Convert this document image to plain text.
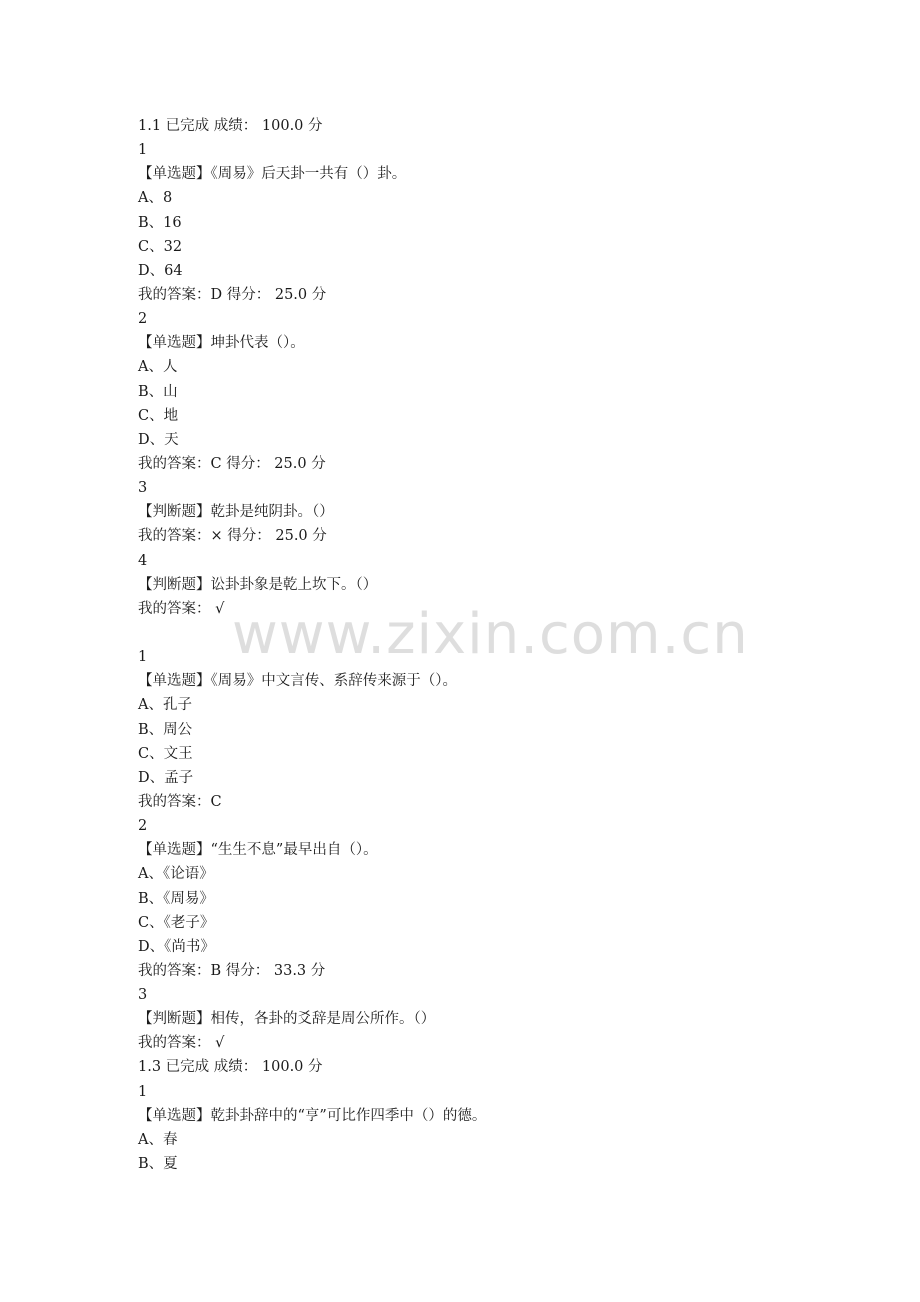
1.1 已完成 成绩： 100.0 分
1
【单选题】《周易》后天卦一共有（）卦。
A、8
B、16
C、32
D、64
我的答案：D 得分： 25.0 分
2
【单选题】坤卦代表（）。
A、人
B、山
C、地
D、天
我的答案：C 得分： 25.0 分
3
【判断题】乾卦是纯阴卦。（）
我的答案：× 得分： 25.0 分
4
【判断题】讼卦卦象是乾上坎下。（）
我的答案： √
1
【单选题】《周易》中文言传、系辞传来源于（）。
A、孔子
B、周公
C、文王
D、孟子
我的答案：C
2
【单选题】“生生不息”最早出自（）。
A、《论语》
B、《周易》
C、《老子》
D、《尚书》
我的答案：B 得分： 33.3 分
3
【判断题】相传，各卦的爻辞是周公所作。（）
我的答案： √
1.3 已完成 成绩： 100.0 分
1
【单选题】乾卦卦辞中的“亨”可比作四季中（）的德。
A、春
B、夏
www.zixin.com.cn
